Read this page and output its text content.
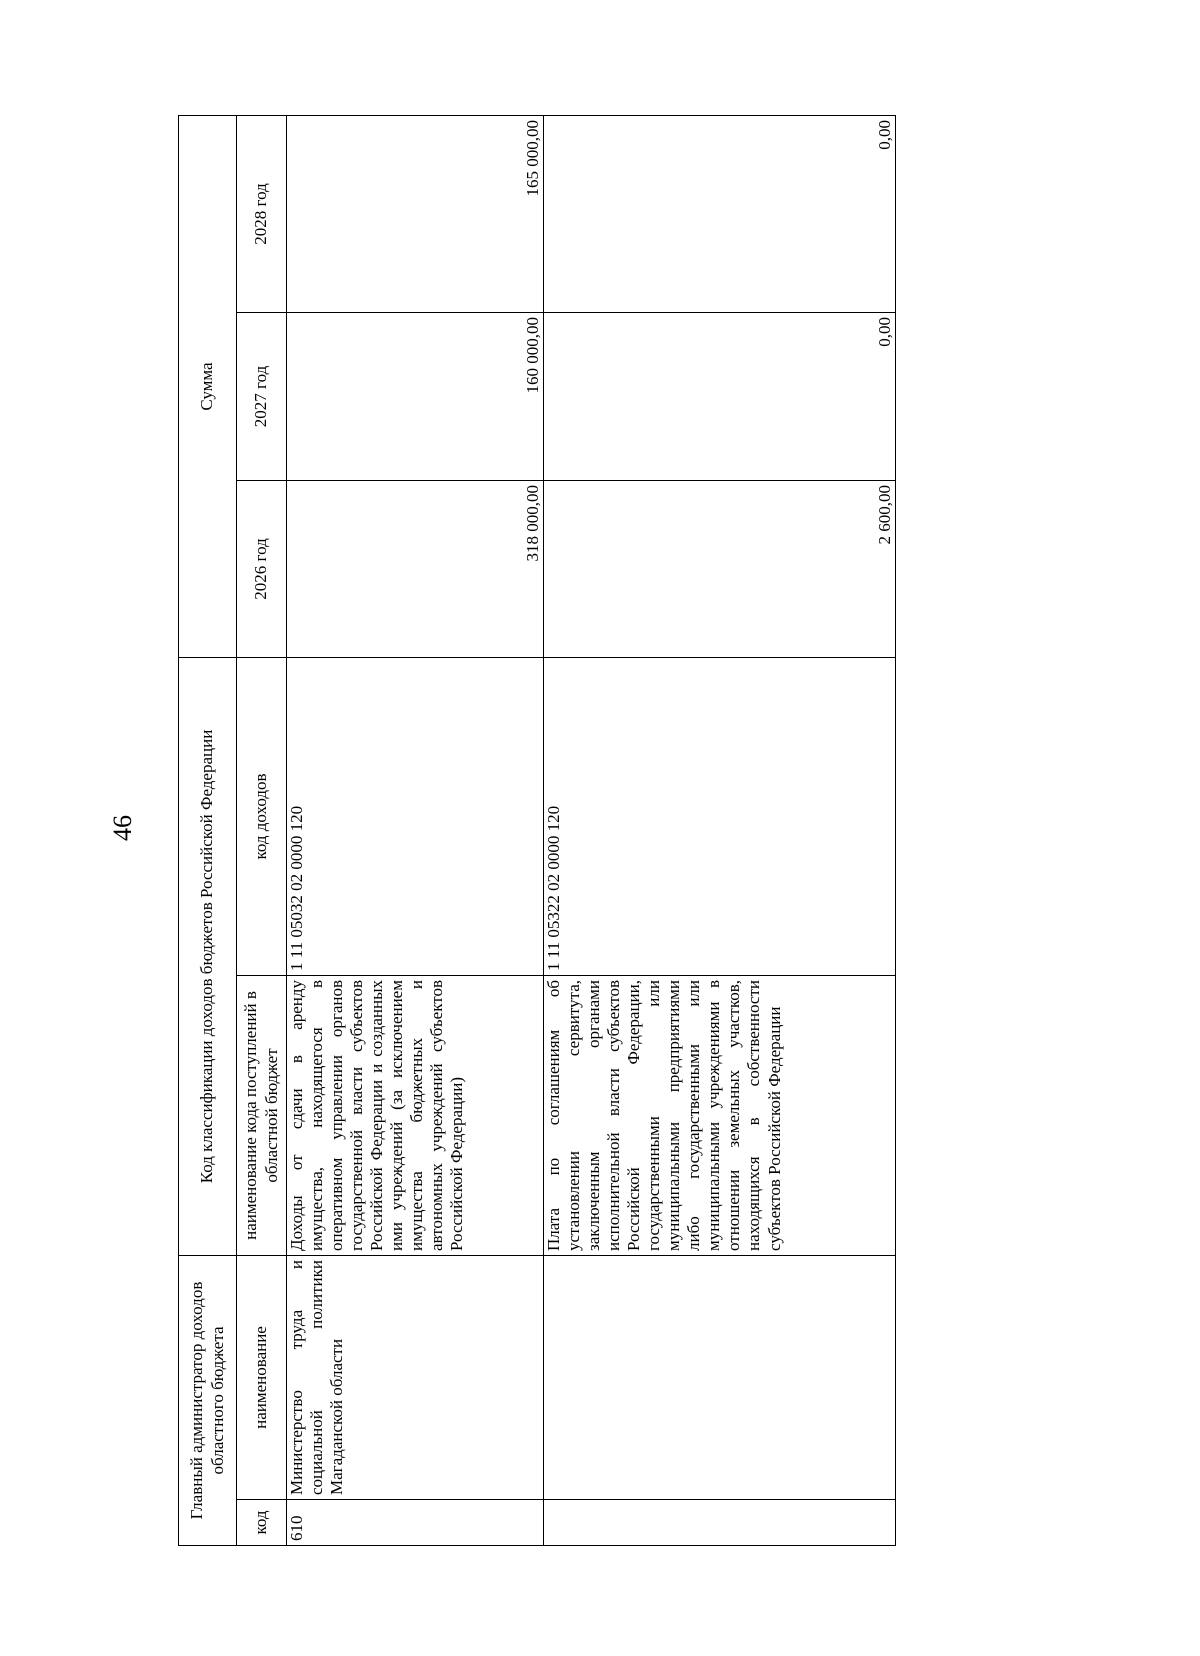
46
Главный администратор доходов областного бюджета		Код классификации доходов бюджетов Российской Федерации		Сумма		
код	наименование	наименование кода поступлений в областной бюджет	код доходов	2026 год	2027 год	2028 год
610	Министерство труда и социальной политики Магаданской области	Доходы от сдачи в аренду имущества, находящегося в оперативном управлении органов государственной власти субъектов Российской Федерации и созданных ими учреждений (за исключением имущества бюджетных и автономных учреждений субъектов Российской Федерации)	1 11 05032 02 0000 120	318 000,00	160 000,00	165 000,00
		Плата по соглашениям об установлении сервитута, заключенным органами исполнительной власти субъектов Российской Федерации, государственными или муниципальными предприятиями либо государственными или муниципальными учреждениями в отношении земельных участков, находящихся в собственности субъектов Российской Федерации	1 11 05322 02 0000 120	2 600,00	0,00	0,00
